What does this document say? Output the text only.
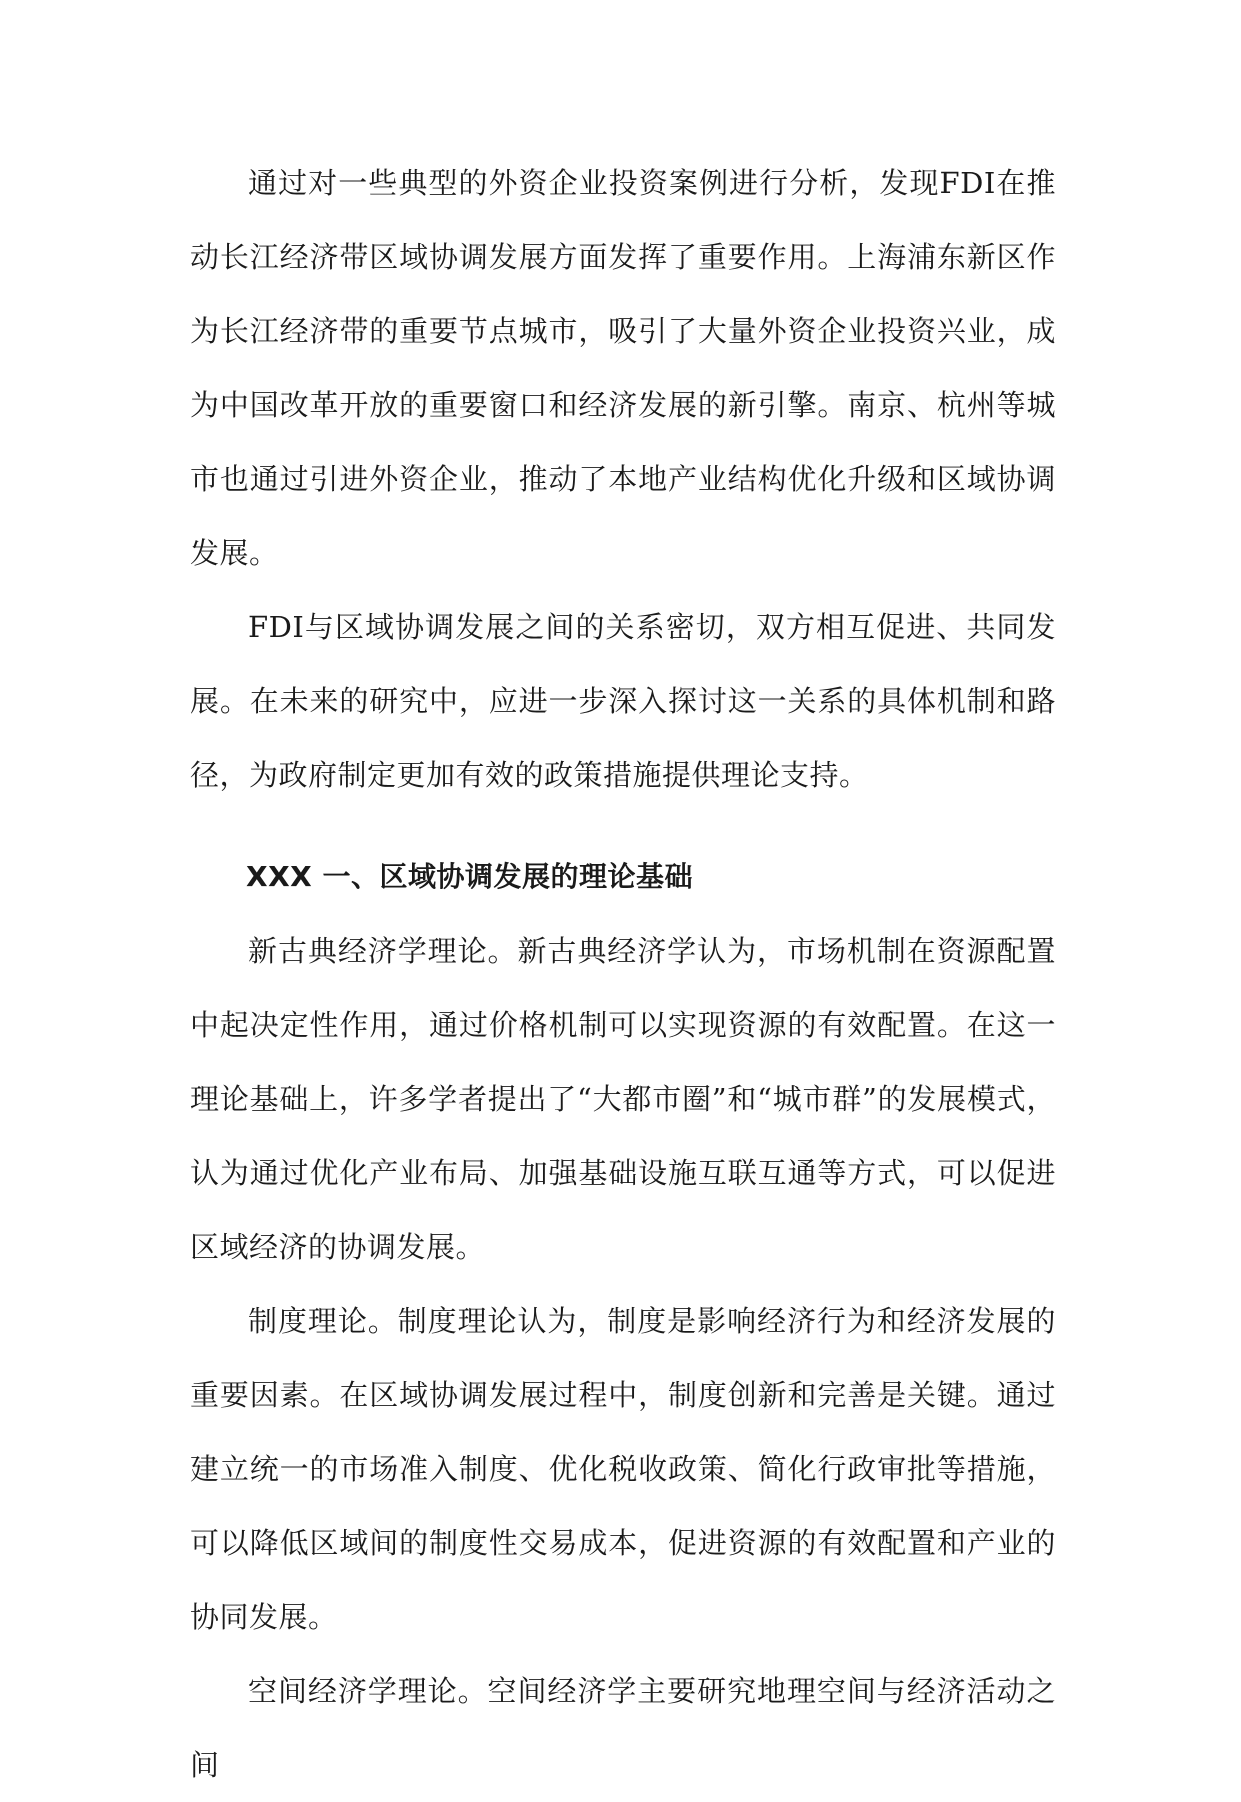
通过对一些典型的外资企业投资案例进行分析，发现FDI在推动长江经济带区域协调发展方面发挥了重要作用。上海浦东新区作为长江经济带的重要节点城市，吸引了大量外资企业投资兴业，成为中国改革开放的重要窗口和经济发展的新引擎。南京、杭州等城市也通过引进外资企业，推动了本地产业结构优化升级和区域协调发展。

FDI与区域协调发展之间的关系密切，双方相互促进、共同发展。在未来的研究中，应进一步深入探讨这一关系的具体机制和路径，为政府制定更加有效的政策措施提供理论支持。

XXX 一、区域协调发展的理论基础

新古典经济学理论。新古典经济学认为，市场机制在资源配置中起决定性作用，通过价格机制可以实现资源的有效配置。在这一理论基础上，许多学者提出了“大都市圈”和“城市群”的发展模式，认为通过优化产业布局、加强基础设施互联互通等方式，可以促进区域经济的协调发展。

制度理论。制度理论认为，制度是影响经济行为和经济发展的重要因素。在区域协调发展过程中，制度创新和完善是关键。通过建立统一的市场准入制度、优化税收政策、简化行政审批等措施，可以降低区域间的制度性交易成本，促进资源的有效配置和产业的协同发展。

空间经济学理论。空间经济学主要研究地理空间与经济活动之间
